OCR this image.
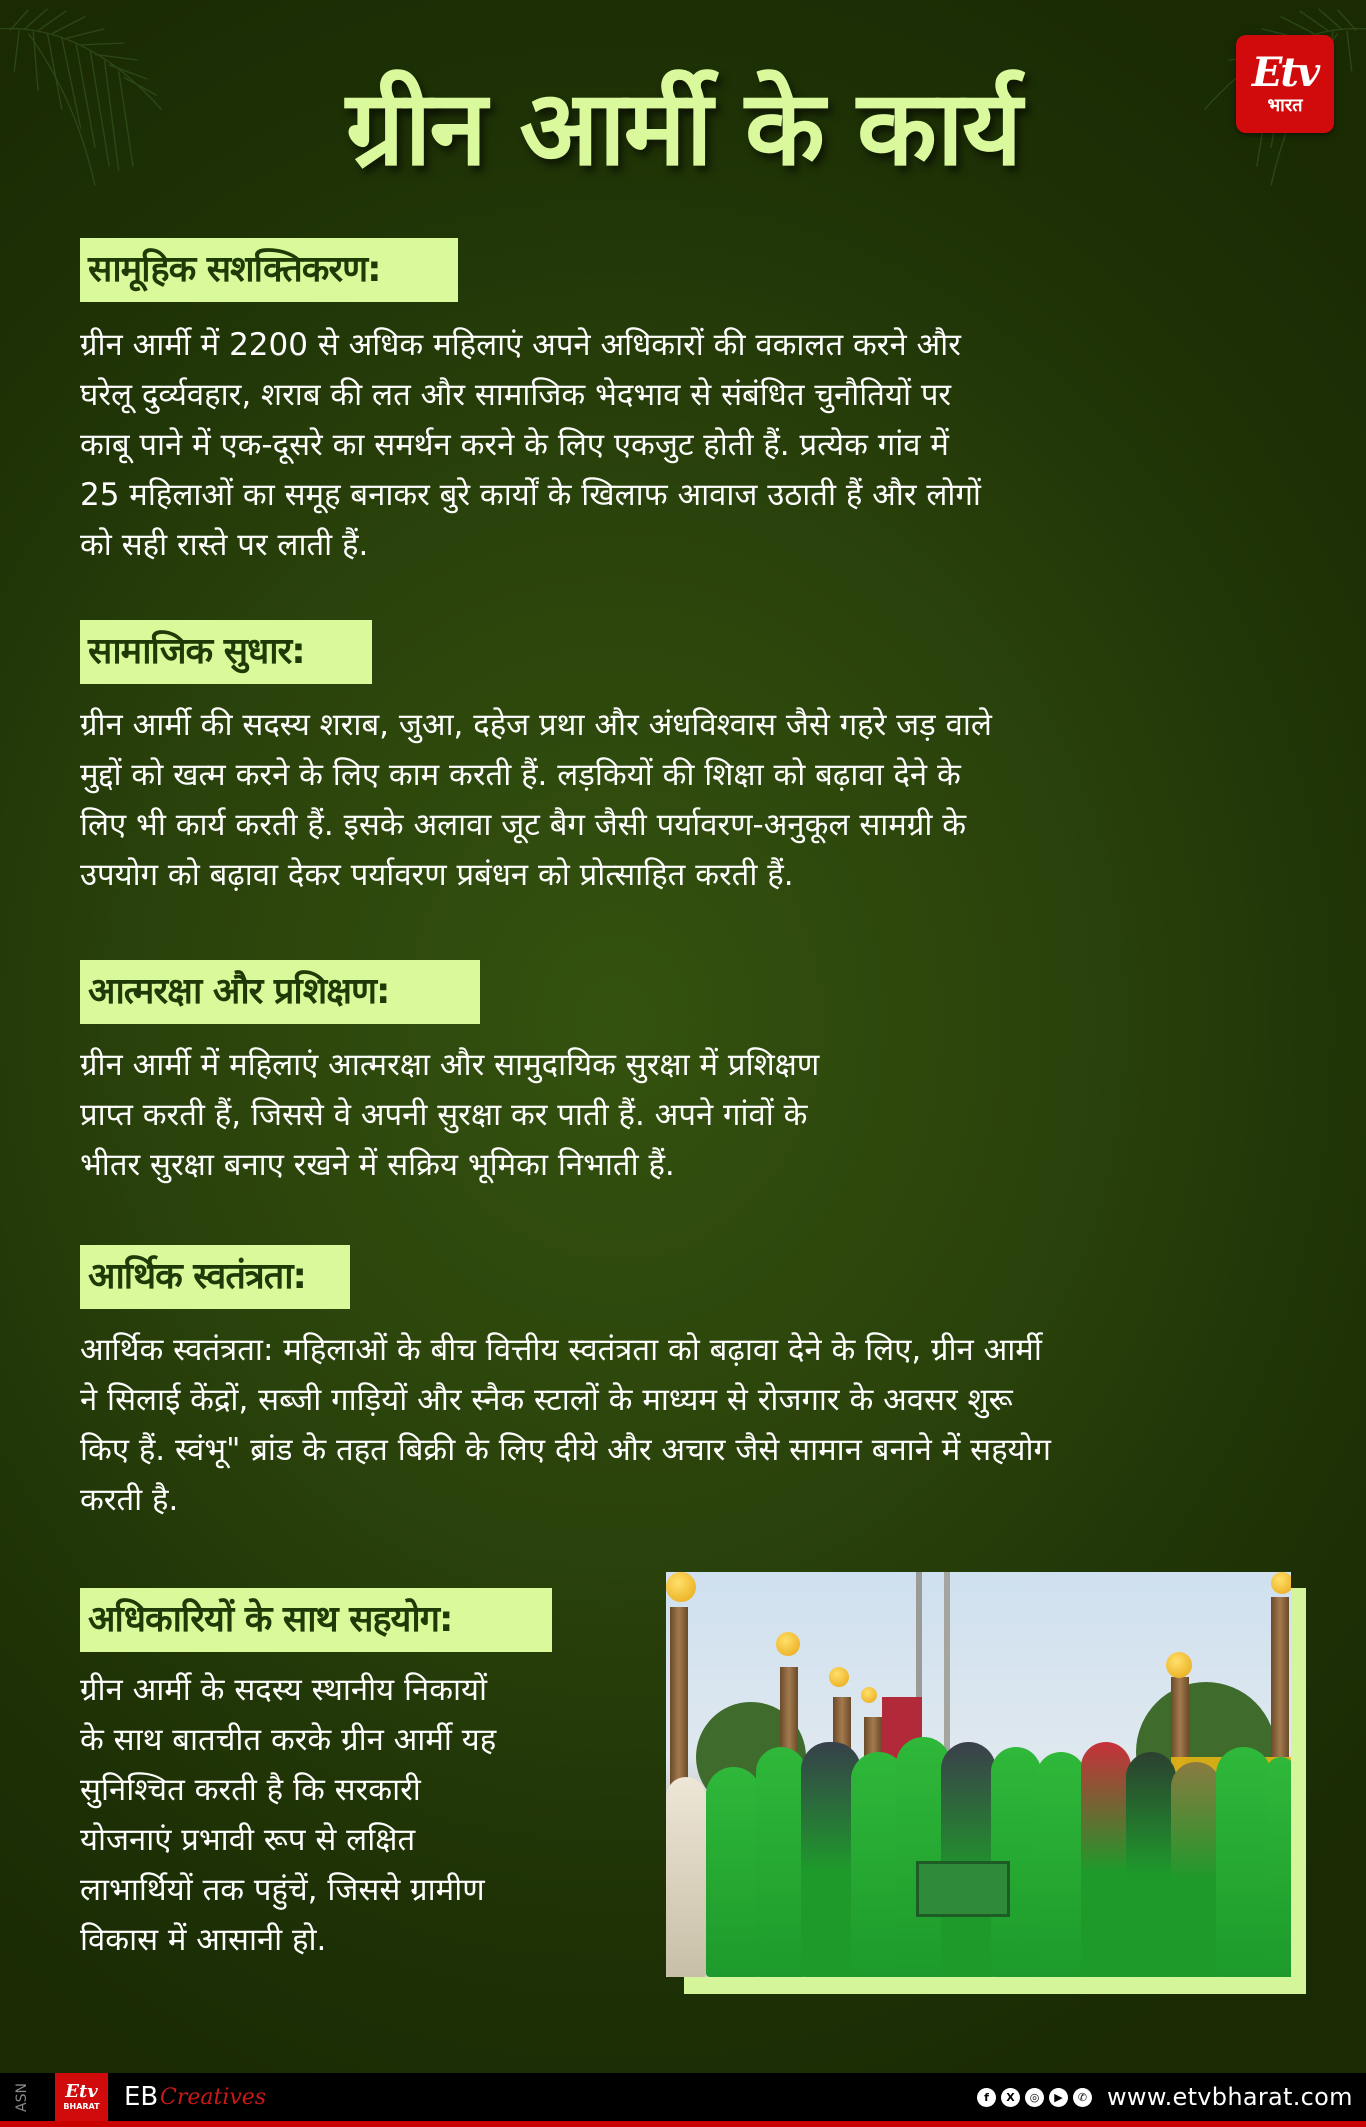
Etv
भारत
ग्रीन आर्मी के कार्य
सामूहिक सशक्तिकरण:
ग्रीन आर्मी में 2200 से अधिक महिलाएं अपने अधिकारों की वकालत करने और
घरेलू दुर्व्यवहार, शराब की लत और सामाजिक भेदभाव से संबंधित चुनौतियों पर
काबू पाने में एक-दूसरे का समर्थन करने के लिए एकजुट होती हैं. प्रत्येक गांव में
25 महिलाओं का समूह बनाकर बुरे कार्यों के खिलाफ आवाज उठाती हैं और लोगों
को सही रास्ते पर लाती हैं.
सामाजिक सुधार:
ग्रीन आर्मी की सदस्य शराब, जुआ, दहेज प्रथा और अंधविश्वास जैसे गहरे जड़ वाले
मुद्दों को खत्म करने के लिए काम करती हैं. लड़कियों की शिक्षा को बढ़ावा देने के
लिए भी कार्य करती हैं. इसके अलावा जूट बैग जैसी पर्यावरण-अनुकूल सामग्री के
उपयोग को बढ़ावा देकर पर्यावरण प्रबंधन को प्रोत्साहित करती हैं.
आत्मरक्षा और प्रशिक्षण:
ग्रीन आर्मी में महिलाएं आत्मरक्षा और सामुदायिक सुरक्षा में प्रशिक्षण
प्राप्त करती हैं, जिससे वे अपनी सुरक्षा कर पाती हैं. अपने गांवों के
भीतर सुरक्षा बनाए रखने में सक्रिय भूमिका निभाती हैं.
आर्थिक स्वतंत्रता:
आर्थिक स्वतंत्रता: महिलाओं के बीच वित्तीय स्वतंत्रता को बढ़ावा देने के लिए, ग्रीन आर्मी
ने सिलाई केंद्रों, सब्जी गाड़ियों और स्नैक स्टालों के माध्यम से रोजगार के अवसर शुरू
किए हैं. स्वंभू" ब्रांड के तहत बिक्री के लिए दीये और अचार जैसे सामान बनाने में सहयोग
करती है.
अधिकारियों के साथ सहयोग:
ग्रीन आर्मी के सदस्य स्थानीय निकायों
के साथ बातचीत करके ग्रीन आर्मी यह
सुनिश्चित करती है कि सरकारी
योजनाएं प्रभावी रूप से लक्षित
लाभार्थियों तक पहुंचें, जिससे ग्रामीण
विकास में आसानी हो.
ASN Etv
BHARAT EB Creatives	f	X	◎	▶	✆ www.etvbharat.com
